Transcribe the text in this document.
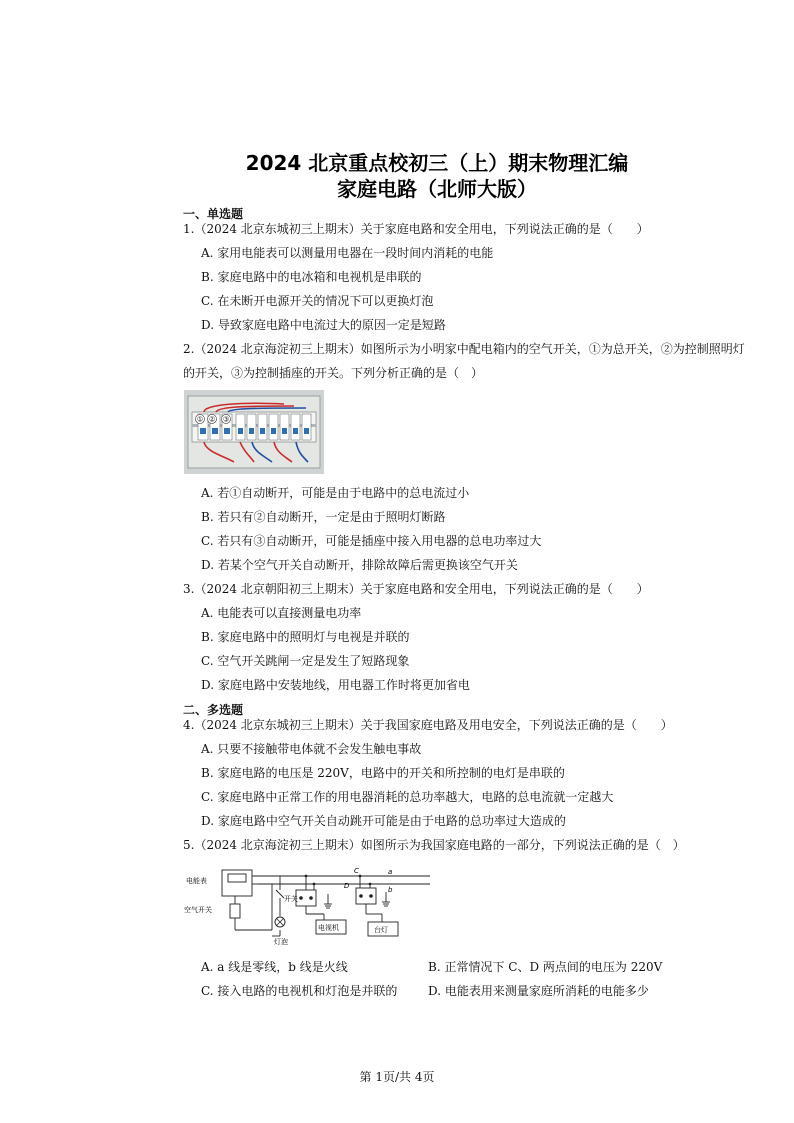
2024 北京重点校初三（上）期末物理汇编
家庭电路（北师大版）
一、单选题
1.（2024 北京东城初三上期末）关于家庭电路和安全用电，下列说法正确的是（　　）
A. 家用电能表可以测量用电器在一段时间内消耗的电能
B. 家庭电路中的电冰箱和电视机是串联的
C. 在未断开电源开关的情况下可以更换灯泡
D. 导致家庭电路中电流过大的原因一定是短路
2.（2024 北京海淀初三上期末）如图所示为小明家中配电箱内的空气开关，①为总开关，②为控制照明灯
的开关，③为控制插座的开关。下列分析正确的是（　）
① ② ③
A. 若①自动断开，可能是由于电路中的总电流过小
B. 若只有②自动断开，一定是由于照明灯断路
C. 若只有③自动断开，可能是插座中接入用电器的总电功率过大
D. 若某个空气开关自动断开，排除故障后需更换该空气开关
3.（2024 北京朝阳初三上期末）关于家庭电路和安全用电，下列说法正确的是（　　）
A. 电能表可以直接测量电功率
B. 家庭电路中的照明灯与电视是并联的
C. 空气开关跳闸一定是发生了短路现象
D. 家庭电路中安装地线，用电器工作时将更加省电
二、多选题
4.（2024 北京东城初三上期末）关于我国家庭电路及用电安全，下列说法正确的是（　　）
A. 只要不接触带电体就不会发生触电事故
B. 家庭电路的电压是 220V，电路中的开关和所控制的电灯是串联的
C. 家庭电路中正常工作的用电器消耗的总功率越大，电路的总电流就一定越大
D. 家庭电路中空气开关自动跳开可能是由于电路的总功率过大造成的
5.（2024 北京海淀初三上期末）如图所示为我国家庭电路的一部分，下列说法正确的是（　）
电能表
空气开关
开关
灯泡
电视机	台灯
a
b
C
D
A. a 线是零线，b 线是火线	B. 正常情况下 C、D 两点间的电压为 220V
C. 接入电路的电视机和灯泡是并联的	D. 电能表用来测量家庭所消耗的电能多少
第 1页/共 4页
